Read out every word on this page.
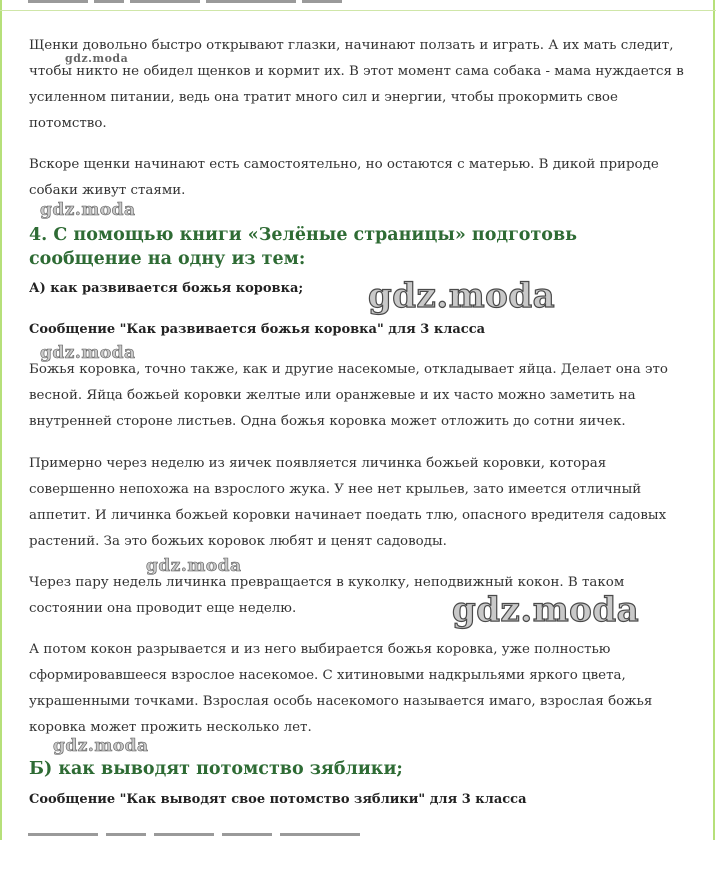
Щенки довольно быстро открывают глазки, начинают ползать и играть. А их мать следит, чтобы никто не обидел щенков и кормит их. В этот момент сама собака - мама нуждается в усиленном питании, ведь она тратит много сил и энергии, чтобы прокормить свое потомство.

Вскоре щенки начинают есть самостоятельно, но остаются с матерью. В дикой природе собаки живут стаями.

4. С помощью книги «Зелёные страницы» подготовь сообщение на одну из тем:

А) как развивается божья коровка;

Сообщение "Как развивается божья коровка" для 3 класса

Божья коровка, точно также, как и другие насекомые, откладывает яйца. Делает она это весной. Яйца божьей коровки желтые или оранжевые и их часто можно заметить на внутренней стороне листьев. Одна божья коровка может отложить до сотни яичек.

Примерно через неделю из яичек появляется личинка божьей коровки, которая совершенно непохожа на взрослого жука. У нее нет крыльев, зато имеется отличный аппетит. И личинка божьей коровки начинает поедать тлю, опасного вредителя садовых растений. За это божьих коровок любят и ценят садоводы.

Через пару недель личинка превращается в куколку, неподвижный кокон. В таком состоянии она проводит еще неделю.

А потом кокон разрывается и из него выбирается божья коровка, уже полностью сформировавшееся взрослое насекомое. С хитиновыми надкрыльями яркого цвета, украшенными точками. Взрослая особь насекомого называется имаго, взрослая божья коровка может прожить несколько лет.

Б) как выводят потомство зяблики;

Сообщение "Как выводят свое потомство зяблики" для 3 класса

gdz.moda
gdz.moda
gdz.moda
gdz.moda
gdz.moda
gdz.moda
gdz.moda
